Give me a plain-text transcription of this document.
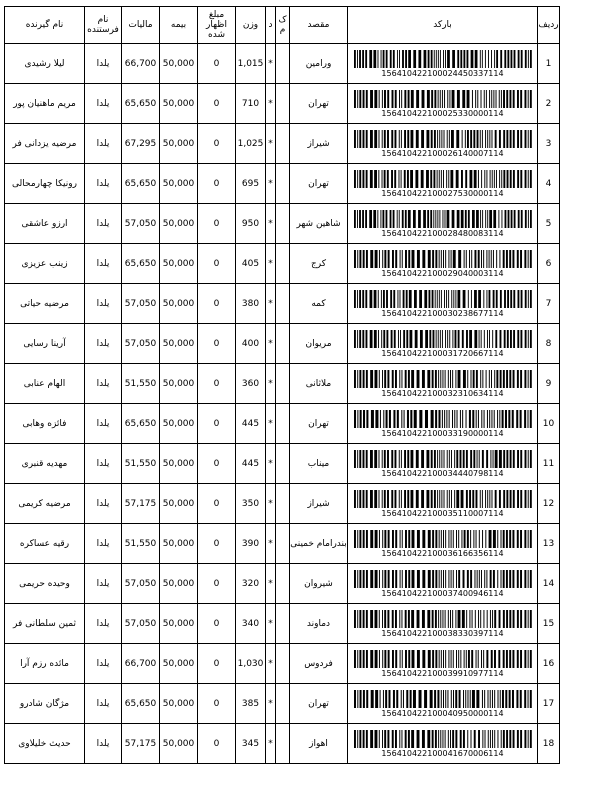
ردیف	بارکد	مقصد	ک م	د	وزن	مبلغ اظهار شده	بیمه	مالیات	نام فرستنده	نام گیرنده
1	156410422100024450337114	ورامین		*	1,015	0	50,000	66,700	یلدا	لیلا رشیدی
2	156410422100025330000114	تهران		*	710	0	50,000	65,650	یلدا	مریم ماهنیان پور
3	156410422100026140007114	شیراز		*	1,025	0	50,000	67,295	یلدا	مرضیه یزدانی فر
4	156410422100027530000114	تهران		*	695	0	50,000	65,650	یلدا	رونیکا چهارمحالی
5	156410422100028480083114	شاهین شهر		*	950	0	50,000	57,050	یلدا	ارزو عاشقی
6	156410422100029040003114	کرج		*	405	0	50,000	65,650	یلدا	زینب عزیزی
7	156410422100030238677114	کمه		*	380	0	50,000	57,050	یلدا	مرضیه حیاتی
8	156410422100031720667114	مریوان		*	400	0	50,000	57,050	یلدا	آرینا رسایی
9	156410422100032310634114	ملاثانی		*	360	0	50,000	51,550	یلدا	الهام عنابی
10	156410422100033190000114	تهران		*	445	0	50,000	65,650	یلدا	فائزه وهابی
11	156410422100034440798114	میناب		*	445	0	50,000	51,550	یلدا	مهدیه قنبری
12	156410422100035110007114	شیراز		*	350	0	50,000	57,175	یلدا	مرضیه کریمی
13	156410422100036166356114	بندرامام خمینی		*	390	0	50,000	51,550	یلدا	رقیه عساکره
14	156410422100037400946114	شیروان		*	320	0	50,000	57,050	یلدا	وحیده حریمی
15	156410422100038330397114	دماوند		*	340	0	50,000	57,050	یلدا	ثمین سلطانی فر
16	156410422100039910977114	فردوس		*	1,030	0	50,000	66,700	یلدا	مائده رزم آرا
17	156410422100040950000114	تهران		*	385	0	50,000	65,650	یلدا	مژگان شادرو
18	156410422100041670006114	اهواز		*	345	0	50,000	57,175	یلدا	حدیث خلیلاوی
